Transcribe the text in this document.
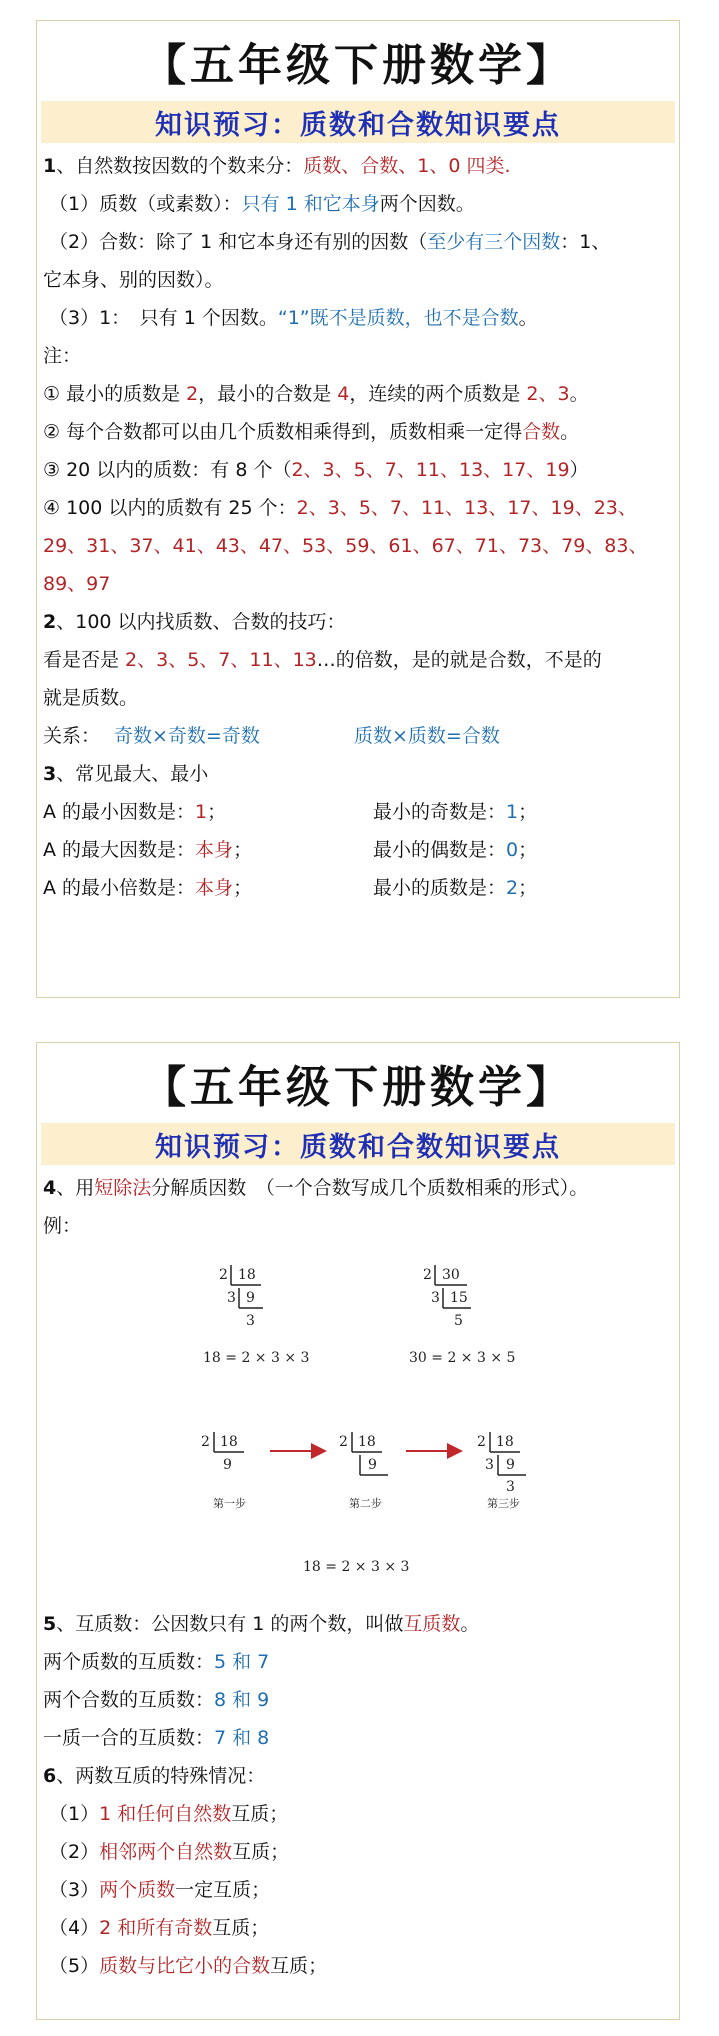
【五年级下册数学】
知识预习：质数和合数知识要点
1、自然数按因数的个数来分：质数、合数、1、0 四类.
（1）质数（或素数）：只有 1 和它本身两个因数。
（2）合数：除了 1 和它本身还有别的因数（至少有三个因数：1、
它本身、别的因数）。
（3）1：　只有 1 个因数。“1”既不是质数，也不是合数。
注：
① 最小的质数是 2，最小的合数是 4，连续的两个质数是 2、3。
② 每个合数都可以由几个质数相乘得到，质数相乘一定得合数。
③ 20 以内的质数：有 8 个（2、3、5、7、11、13、17、19）
④ 100 以内的质数有 25 个：2、3、5、7、11、13、17、19、23、
29、31、37、41、43、47、53、59、61、67、71、73、79、83、
89、97
2、100 以内找质数、合数的技巧：
看是否是 2、3、5、7、11、13…的倍数，是的就是合数，不是的
就是质数。
关系： 奇数×奇数=奇数	质数×质数=合数
3、常见最大、最小
A 的最小因数是：1；	最小的奇数是：1；
A 的最大因数是：本身；	最小的偶数是：0；
A 的最小倍数是：本身；	最小的质数是：2；
【五年级下册数学】
知识预习：质数和合数知识要点
4、用短除法分解质因数　（一个合数写成几个质数相乘的形式）。
例：
2 18
3 9
3
18 = 2 × 3 × 3
2 30
3 15
5
30 = 2 × 3 × 5
2 18
9
第一步
2 18
9
第二步
2 18
3 9
3
第三步
18 = 2 × 3 × 3
5、互质数：公因数只有 1 的两个数，叫做互质数。
两个质数的互质数：5 和 7
两个合数的互质数：8 和 9
一质一合的互质数：7 和 8
6、两数互质的特殊情况：
（1）1 和任何自然数互质；
（2）相邻两个自然数互质；
（3）两个质数一定互质；
（4）2 和所有奇数互质；
（5）质数与比它小的合数互质；
